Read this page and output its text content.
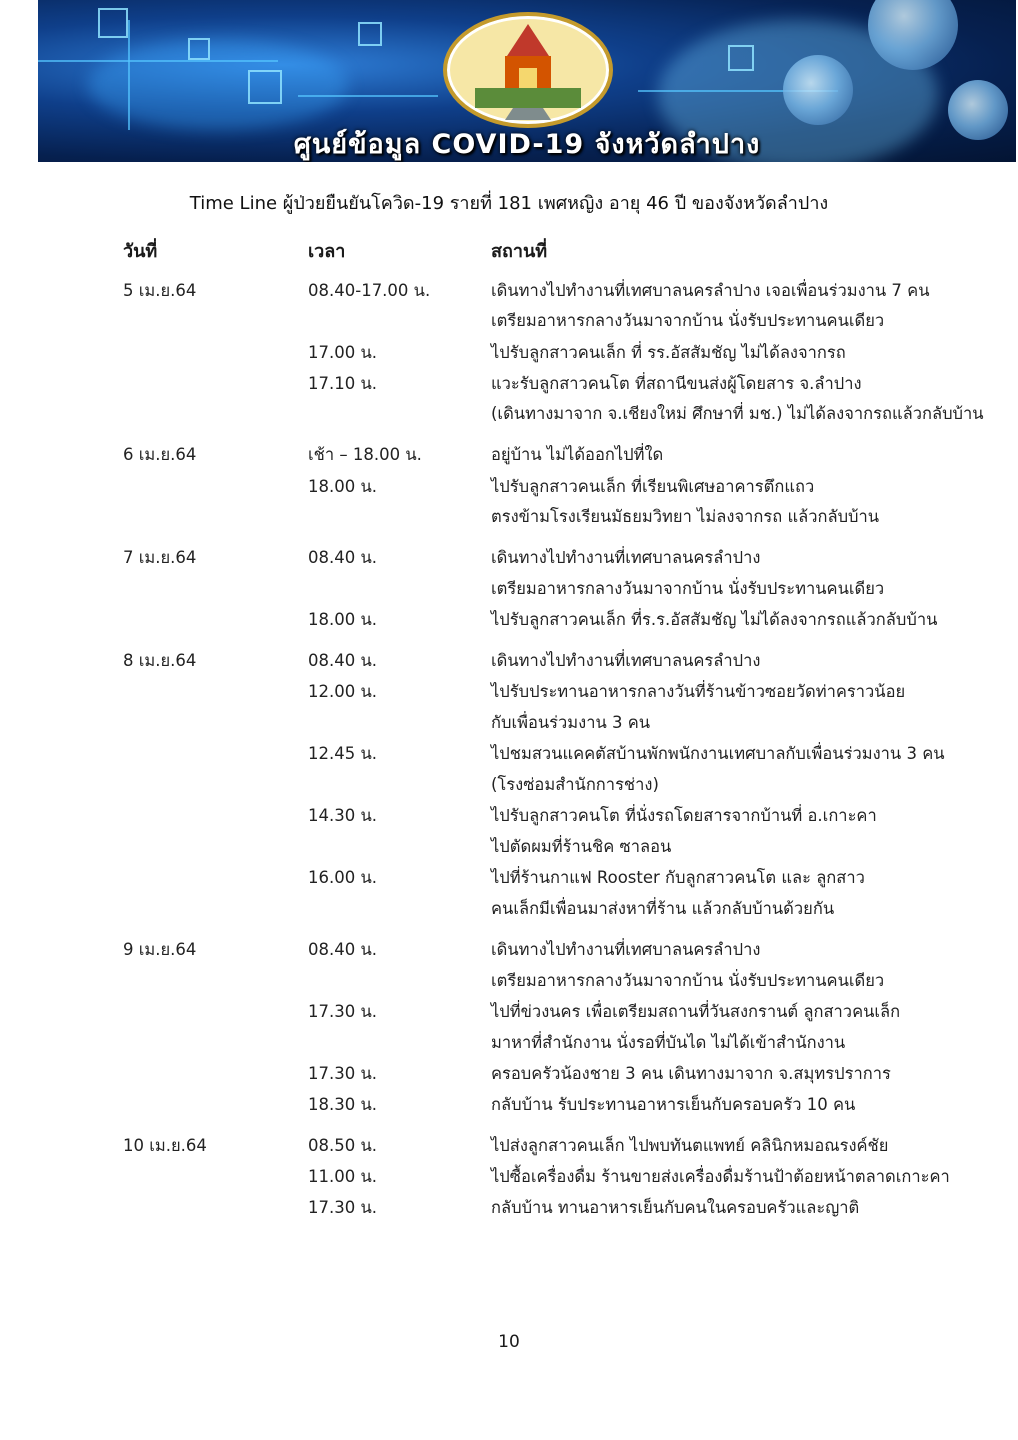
ศูนย์ข้อมูล COVID-19 จังหวัดลำปาง
Time Line ผู้ป่วยยืนยันโควิด-19 รายที่ 181 เพศหญิง อายุ 46 ปี ของจังหวัดลำปาง
วันที่	เวลา	สถานที่
5 เม.ย.64	08.40-17.00 น.	เดินทางไปทำงานที่เทศบาลนครลำปาง เจอเพื่อนร่วมงาน 7 คน
เตรียมอาหารกลางวันมาจากบ้าน นั่งรับประทานคนเดียว
17.00 น.	ไปรับลูกสาวคนเล็ก ที่ รร.อัสสัมชัญ ไม่ได้ลงจากรถ
17.10 น.	แวะรับลูกสาวคนโต ที่สถานีขนส่งผู้โดยสาร จ.ลำปาง
(เดินทางมาจาก จ.เชียงใหม่ ศึกษาที่ มช.) ไม่ได้ลงจากรถแล้วกลับบ้าน
6 เม.ย.64	เช้า – 18.00 น.	อยู่บ้าน ไม่ได้ออกไปที่ใด
18.00 น.	ไปรับลูกสาวคนเล็ก ที่เรียนพิเศษอาคารตึกแถว
ตรงข้ามโรงเรียนมัธยมวิทยา ไม่ลงจากรถ แล้วกลับบ้าน
7 เม.ย.64	08.40 น.	เดินทางไปทำงานที่เทศบาลนครลำปาง
เตรียมอาหารกลางวันมาจากบ้าน นั่งรับประทานคนเดียว
18.00 น.	ไปรับลูกสาวคนเล็ก ที่ร.ร.อัสสัมชัญ ไม่ได้ลงจากรถแล้วกลับบ้าน
8 เม.ย.64	08.40 น.	เดินทางไปทำงานที่เทศบาลนครลำปาง
12.00 น.	ไปรับประทานอาหารกลางวันที่ร้านข้าวซอยวัดท่าคราวน้อย
กับเพื่อนร่วมงาน 3 คน
12.45 น.	ไปชมสวนแคคตัสบ้านพักพนักงานเทศบาลกับเพื่อนร่วมงาน 3 คน
(โรงซ่อมสำนักการช่าง)
14.30 น.	ไปรับลูกสาวคนโต ที่นั่งรถโดยสารจากบ้านที่ อ.เกาะคา
ไปตัดผมที่ร้านชิค ซาลอน
16.00 น.	ไปที่ร้านกาแฟ Rooster กับลูกสาวคนโต และ ลูกสาว
คนเล็กมีเพื่อนมาส่งหาที่ร้าน แล้วกลับบ้านด้วยกัน
9 เม.ย.64	08.40 น.	เดินทางไปทำงานที่เทศบาลนครลำปาง
เตรียมอาหารกลางวันมาจากบ้าน นั่งรับประทานคนเดียว
17.30 น.	ไปที่ข่วงนคร เพื่อเตรียมสถานที่วันสงกรานต์ ลูกสาวคนเล็ก
มาหาที่สำนักงาน นั่งรอที่บันได ไม่ได้เข้าสำนักงาน
17.30 น.	ครอบครัวน้องชาย 3 คน เดินทางมาจาก จ.สมุทรปราการ
18.30 น.	กลับบ้าน รับประทานอาหารเย็นกับครอบครัว 10 คน
10 เม.ย.64	08.50 น.	ไปส่งลูกสาวคนเล็ก ไปพบทันตแพทย์ คลินิกหมอณรงค์ชัย
11.00 น.	ไปซื้อเครื่องดื่ม ร้านขายส่งเครื่องดื่มร้านป้าต้อยหน้าตลาดเกาะคา
17.30 น.	กลับบ้าน ทานอาหารเย็นกับคนในครอบครัวและญาติ
10
